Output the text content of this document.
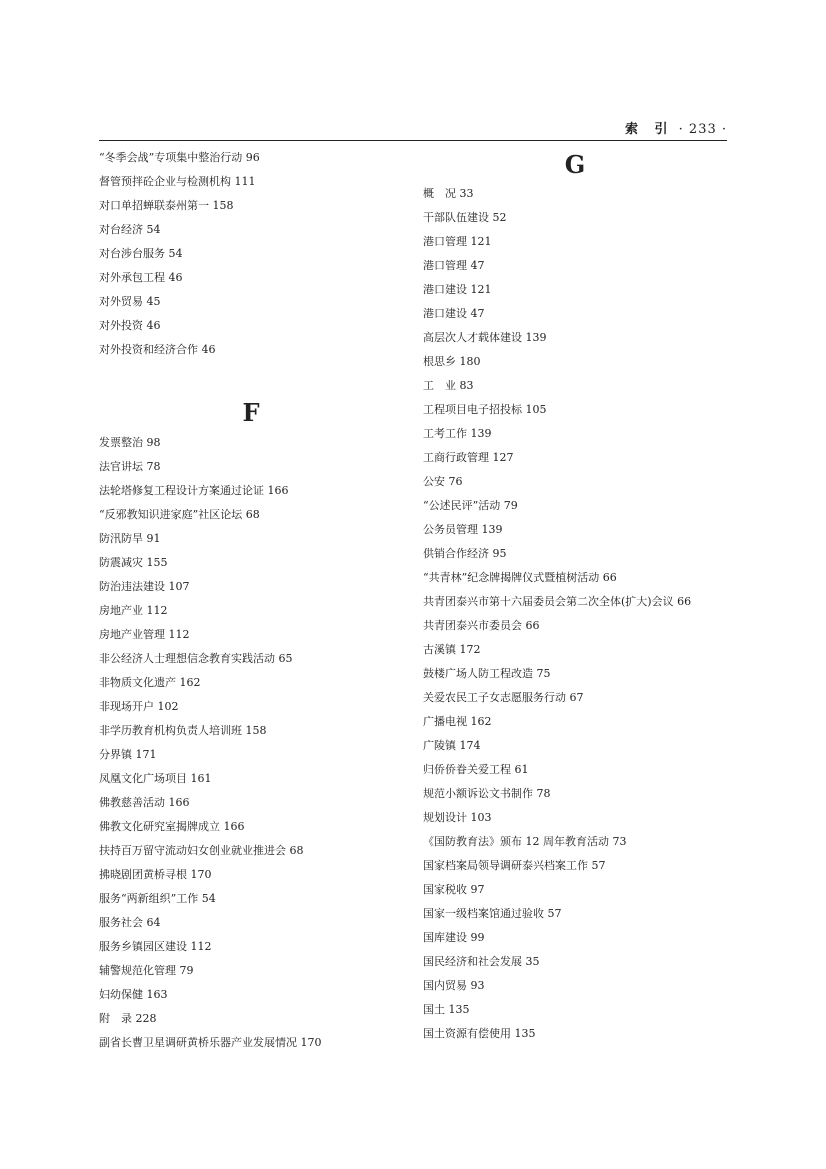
索 引 · 233 ·
“冬季会战”专项集中整治行动 96
督管预拌砼企业与检测机构 111
对口单招蝉联泰州第一 158
对台经济 54
对台涉台服务 54
对外承包工程 46
对外贸易 45
对外投资 46
对外投资和经济合作 46
F
发票整治 98
法官讲坛 78
法轮塔修复工程设计方案通过论证 166
“反邪教知识进家庭”社区论坛 68
防汛防旱 91
防震减灾 155
防治违法建设 107
房地产业 112
房地产业管理 112
非公经济人士理想信念教育实践活动 65
非物质文化遗产 162
非现场开户 102
非学历教育机构负责人培训班 158
分界镇 171
凤凰文化广场项目 161
佛教慈善活动 166
佛教文化研究室揭牌成立 166
扶持百万留守流动妇女创业就业推进会 68
拂晓剧团黄桥寻根 170
服务“两新组织”工作 54
服务社会 64
服务乡镇园区建设 112
辅警规范化管理 79
妇幼保健 163
附　录 228
副省长曹卫星调研黄桥乐器产业发展情况 170
G
概　况 33
干部队伍建设 52
港口管理 121
港口管理 47
港口建设 121
港口建设 47
高层次人才载体建设 139
根思乡 180
工　业 83
工程项目电子招投标 105
工考工作 139
工商行政管理 127
公安 76
“公述民评”活动 79
公务员管理 139
供销合作经济 95
“共青林”纪念牌揭牌仪式暨植树活动 66
共青团泰兴市第十六届委员会第二次全体(扩大)会议 66
共青团泰兴市委员会 66
古溪镇 172
鼓楼广场人防工程改造 75
关爱农民工子女志愿服务行动 67
广播电视 162
广陵镇 174
归侨侨眷关爱工程 61
规范小额诉讼文书制作 78
规划设计 103
《国防教育法》颁布 12 周年教育活动 73
国家档案局领导调研泰兴档案工作 57
国家税收 97
国家一级档案馆通过验收 57
国库建设 99
国民经济和社会发展 35
国内贸易 93
国土 135
国土资源有偿使用 135
